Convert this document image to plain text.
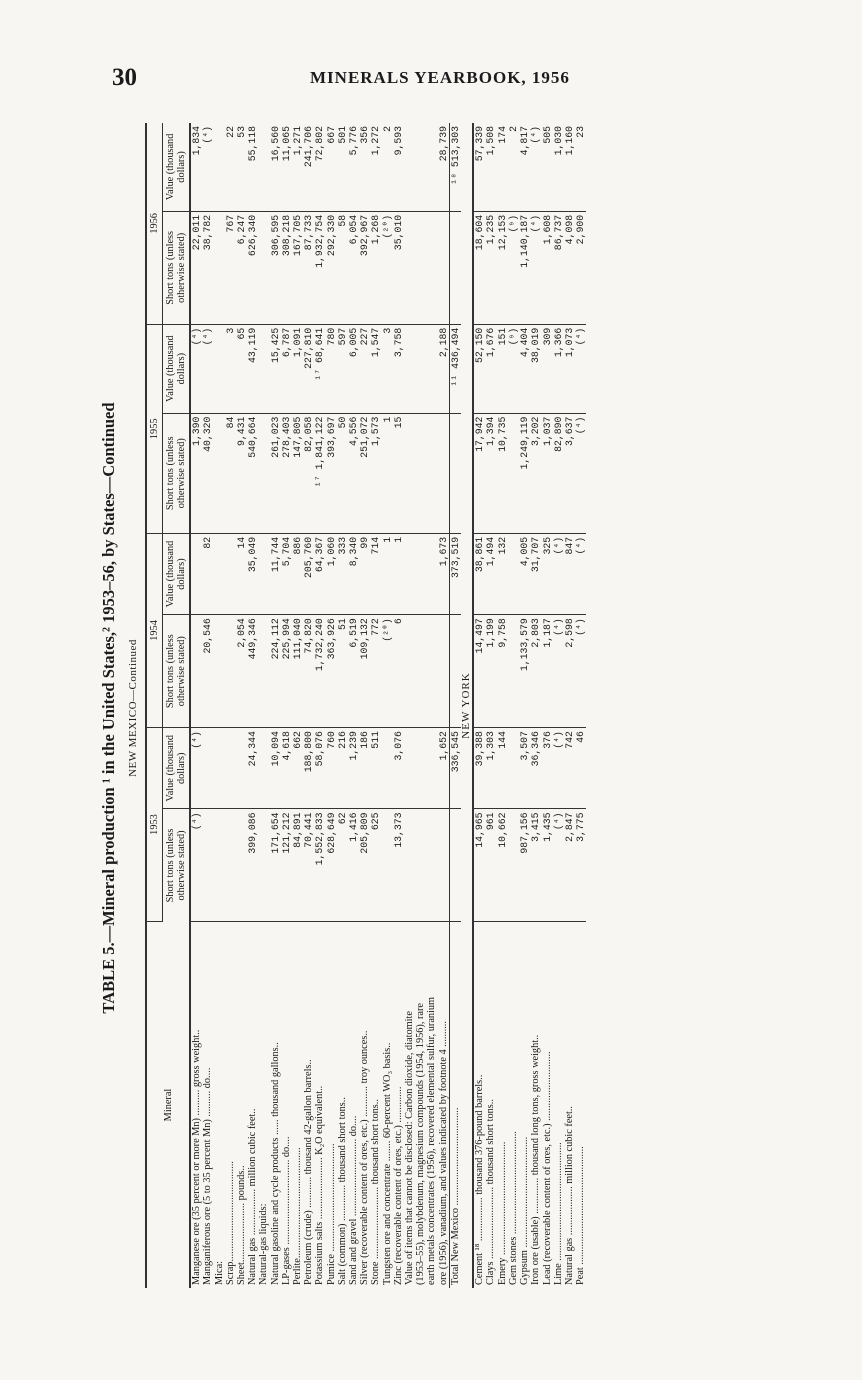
30	MINERALS YEARBOOK, 1956
TABLE 5.—Mineral production ¹ in the United States,² 1953–56, by States—Continued NEW MEXICO—Continued
Mineral	1953		1954		1955		1956	
	Short tons (unless otherwise stated)	Value (thousand dollars)	Short tons (unless otherwise stated)	Value (thousand dollars)	Short tons (unless otherwise stated)	Value (thousand dollars)	Short tons (unless otherwise stated)	Value (thousand dollars)
Manganese ore (35 percent or more Mn) .......... gross weight..	(⁴)	(⁴)			1,390	(⁴)	22,011	1,834
Manganiferous ore (5 to 35 percent Mn) .......... do....			20,546	82	40,320	(⁴)	38,782	(⁴)
Mica:								
Scrap.......................................					84	3	767	22
Sheet....................... pounds..			2,054	14	9,431	65	6,247	53
Natural gas .................. million cubic feet..	399,086	24,344	449,346	35,049	540,664	43,119	626,340	55,118
Natural-gas liquids:								
Natural gasoline and cycle products ...... thousand gallons..	171,654	10,094	224,112	11,744	261,023	15,425	306,595	16,560
LP-gases ................................. do....	121,212	4,618	225,994	5,704	278,403	6,787	308,218	11,065
Perlite...........................................	84,891	662	111,040	886	147,805	1,091	167,705	1,271
Petroleum (crude) ............ thousand 42-gallon barrels..	70,441	188,800	74,820	205,760	82,058	227,810	87,733	241,706
Potassium salts ........................ K₂O equivalent..	1,552,833	58,076	1,732,240	64,367	¹⁷ 1,841,122	¹⁷ 68,641	1,932,754	72,802
Pumice ..........................................	628,649	760	363,926	1,060	393,697	780	292,330	667
Salt (common) .............. thousand short tons..	62	216	51	333	50	597	58	501
Sand and gravel .............................. do....	1,416	1,239	6,519	8,340	4,556	6,005	6,054	5,776
Silver (recoverable content of ores, etc.) ............ troy ounces..	205,809	186	109,132	99	251,072	227	392,967	356
Stone ............................ thousand short tons..	625	511	772	714	1,573	1,547	1,268	1,272
Tungsten ore and concentrate ........ 60-percent WO₃ basis..			(²⁰)	1	1	3	(²⁰)	2
Zinc (recoverable content of ores, etc.) ..............	13,373	3,076	6	1	15	3,758	35,010	9,593
Value of items that cannot be disclosed: Carbon dioxide, diatomite								
(1953–55), molybdenum, magnesium compounds (1954, 1956), rare								
earth metals concentrates (1956), recovered elemental sulfur, uranium								
ore (1956), vanadium, and values indicated by footnote 4 ..........		1,652		1,673		2,188		28,739
Total New Mexico ......................................		336,545		373,519		¹¹ 436,494		¹⁸ 513,303
NEW YORK								
Cement ¹⁸ ................. thousand 376-pound barrels..	14,965	39,388	14,497	38,861	17,942	52,150	18,604	57,339
Clays ............................ thousand short tons..	961	1,303	1,199	1,494	1,394	1,676	1,235	1,508
Emery ............................................	10,662	144	9,758	132	10,735	151	12,153	174
Gem stones ........................................						(⁹)	(⁹)	2
Gypsum ...........................................	987,156	3,507	1,133,579	4,005	1,249,119	4,404	1,140,187	4,817
Iron ore (usable) .............. thousand long tons, gross weight..	3,415	36,346	2,803	31,707	3,202	38,019	(⁴)	(⁴)
Lead (recoverable content of ores, etc.) ...........................	1,435	376	1,187	325	1,037	309	1,608	505
Lime ..............................................	(⁴)	(⁴)	(⁴)	(⁴)	82,890	1,366	86,737	1,030
Natural gas ................... million cubic feet..	2,847	742	2,598	847	3,637	1,073	4,098	1,160
Peat ..............................................	3,775	46	(⁴)	(⁴)	(⁴)	(⁴)	2,900	23
